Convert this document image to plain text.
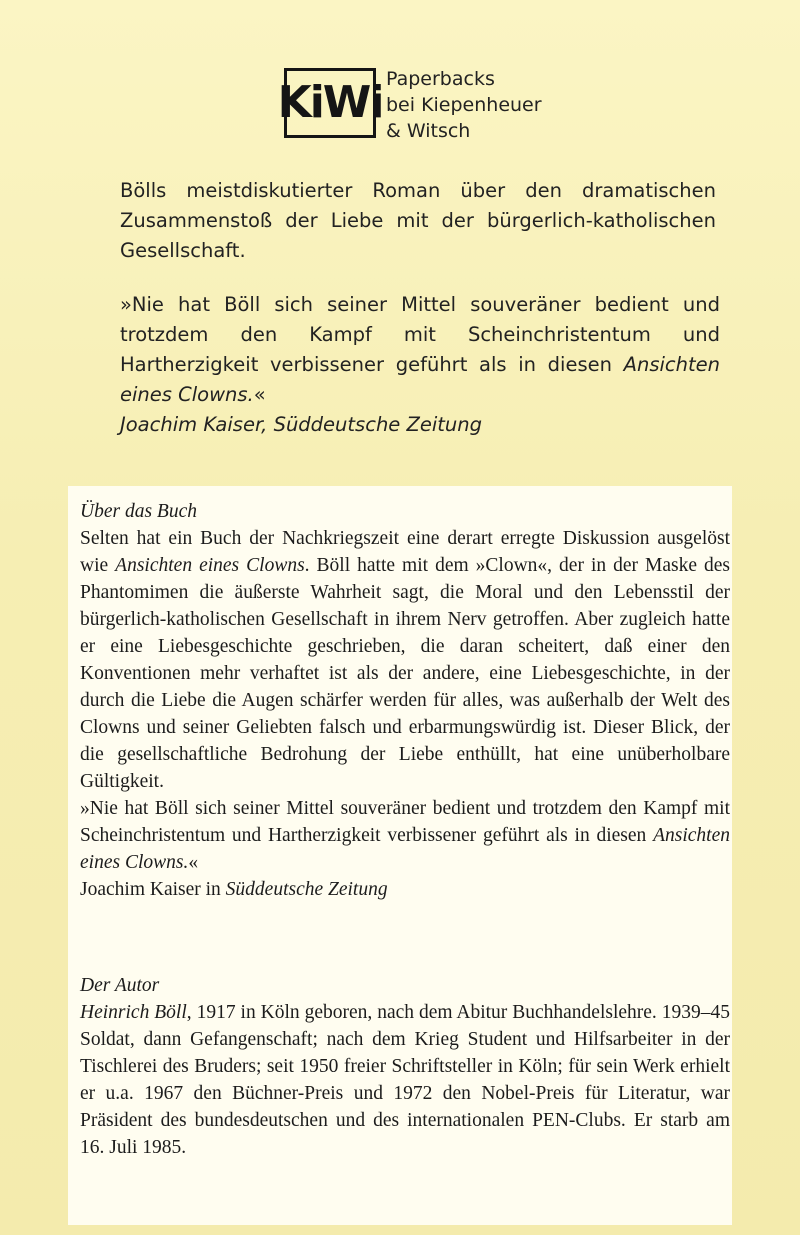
KiWi Paperbacks
bei Kiepenheuer
& Witsch

Bölls meistdiskutierter Roman über den dramatischen Zusammenstoß der Liebe mit der bürgerlich-katholischen Gesellschaft.

»Nie hat Böll sich seiner Mittel souveräner bedient und trotzdem den Kampf mit Scheinchristentum und Hartherzigkeit verbissener geführt als in diesen Ansichten eines Clowns.«
Joachim Kaiser, Süddeutsche Zeitung

Über das Buch

Selten hat ein Buch der Nachkriegszeit eine derart erregte Diskussion ausgelöst wie Ansichten eines Clowns. Böll hatte mit dem »Clown«, der in der Maske des Phantomimen die äußerste Wahrheit sagt, die Moral und den Lebensstil der bürgerlich-katholischen Gesellschaft in ihrem Nerv getroffen. Aber zugleich hatte er eine Liebesgeschichte geschrieben, die daran scheitert, daß einer den Konventionen mehr verhaftet ist als der andere, eine Liebesgeschichte, in der durch die Liebe die Augen schärfer werden für alles, was außerhalb der Welt des Clowns und seiner Geliebten falsch und erbarmungswürdig ist. Dieser Blick, der die gesellschaftliche Bedrohung der Liebe enthüllt, hat eine unüberholbare Gültigkeit.
»Nie hat Böll sich seiner Mittel souveräner bedient und trotzdem den Kampf mit Scheinchristentum und Hartherzigkeit verbissener geführt als in diesen Ansichten eines Clowns.«
Joachim Kaiser in Süddeutsche Zeitung

Der Autor

Heinrich Böll, 1917 in Köln geboren, nach dem Abitur Buchhandelslehre. 1939–45 Soldat, dann Gefangenschaft; nach dem Krieg Student und Hilfsarbeiter in der Tischlerei des Bruders; seit 1950 freier Schriftsteller in Köln; für sein Werk erhielt er u.a. 1967 den Büchner-Preis und 1972 den Nobel-Preis für Literatur, war Präsident des bundesdeutschen und des internationalen PEN-Clubs. Er starb am 16. Juli 1985.
